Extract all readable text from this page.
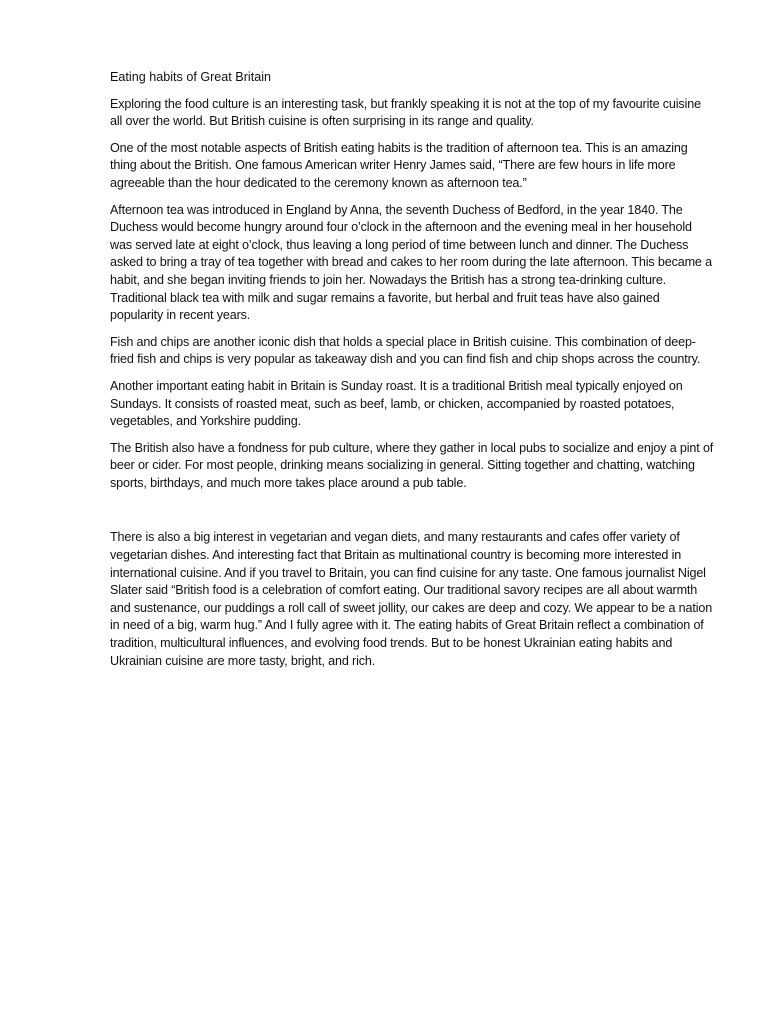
Eating habits of Great Britain

Exploring the food culture is an interesting task, but frankly speaking it is not at the top of my favourite cuisine all over the world. But British cuisine is often surprising in its range and quality.

One of the most notable aspects of British eating habits is the tradition of afternoon tea. This is an amazing thing about the British. One famous American writer Henry James said, “There are few hours in life more agreeable than the hour dedicated to the ceremony known as afternoon tea.”

Afternoon tea was introduced in England by Anna, the seventh Duchess of Bedford, in the year 1840. The Duchess would become hungry around four o’clock in the afternoon and the evening meal in her household was served late at eight o’clock, thus leaving a long period of time between lunch and dinner. The Duchess asked to bring a tray of tea together with bread and cakes to her room during the late afternoon. This became a habit, and she began inviting friends to join her. Nowadays the British has a strong tea-drinking culture. Traditional black tea with milk and sugar remains a favorite, but herbal and fruit teas have also gained popularity in recent years.

Fish and chips are another iconic dish that holds a special place in British cuisine. This combination of deep-fried fish and chips is very popular as takeaway dish and you can find fish and chip shops across the country.

Another important eating habit in Britain is Sunday roast. It is a traditional British meal typically enjoyed on Sundays. It consists of roasted meat, such as beef, lamb, or chicken, accompanied by roasted potatoes, vegetables, and Yorkshire pudding.

The British also have a fondness for pub culture, where they gather in local pubs to socialize and enjoy a pint of beer or cider. For most people, drinking means socializing in general. Sitting together and chatting, watching sports, birthdays, and much more takes place around a pub table.

There is also a big interest in vegetarian and vegan diets, and many restaurants and cafes offer variety of vegetarian dishes. And interesting fact that Britain as multinational country is becoming more interested in international cuisine. And if you travel to Britain, you can find cuisine for any taste. One famous journalist Nigel Slater said “British food is a celebration of comfort eating. Our traditional savory recipes are all about warmth and sustenance, our puddings a roll call of sweet jollity, our cakes are deep and cozy. We appear to be a nation in need of a big, warm hug.” And I fully agree with it. The eating habits of Great Britain reflect a combination of tradition, multicultural influences, and evolving food trends. But to be honest Ukrainian eating habits and Ukrainian cuisine are more tasty, bright, and rich.
